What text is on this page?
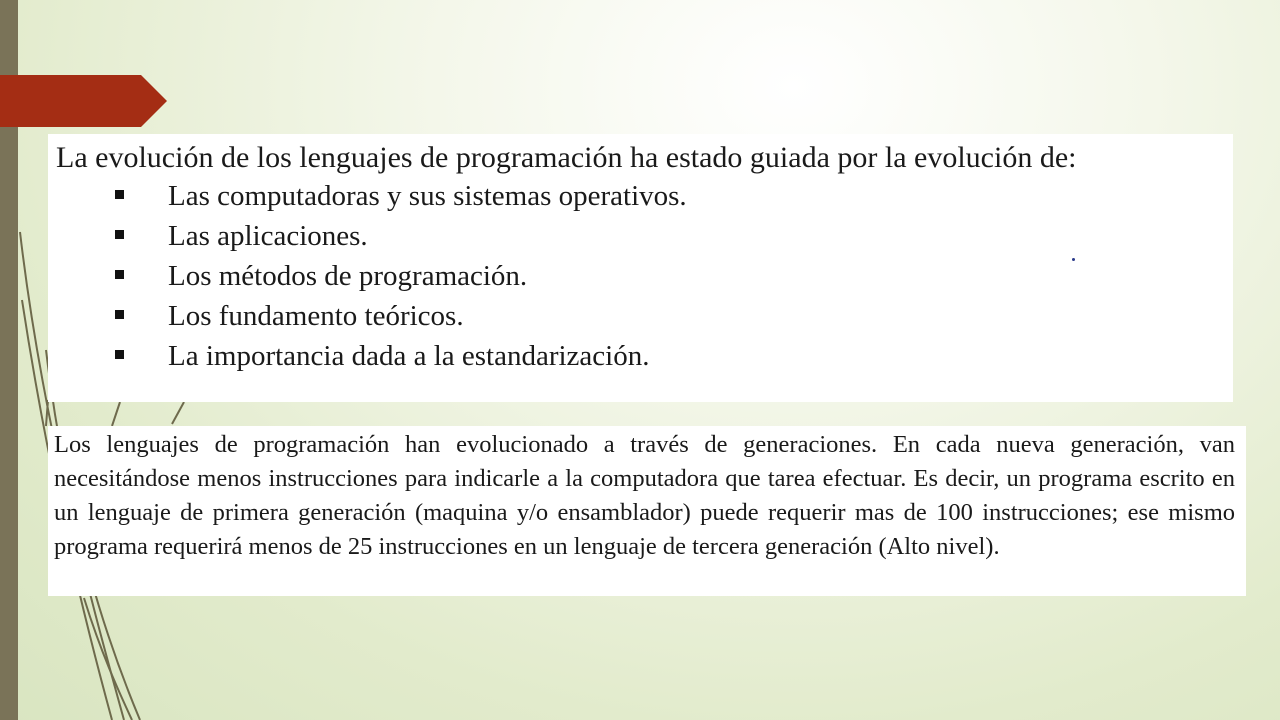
La evolución de los lenguajes de programación ha estado guiada por la evolución de:

Las computadoras y sus sistemas operativos.
Las aplicaciones.
Los métodos de programación.
Los fundamento teóricos.
La importancia dada a la estandarización.

Los lenguajes de programación han evolucionado a través de generaciones. En cada nueva generación, van necesitándose menos instrucciones para indicarle a la computadora que tarea efectuar. Es decir, un programa escrito en un lenguaje de primera generación (maquina y/o ensamblador) puede requerir mas de 100 instrucciones; ese mismo programa requerirá menos de 25 instrucciones en un lenguaje de tercera generación (Alto nivel).
